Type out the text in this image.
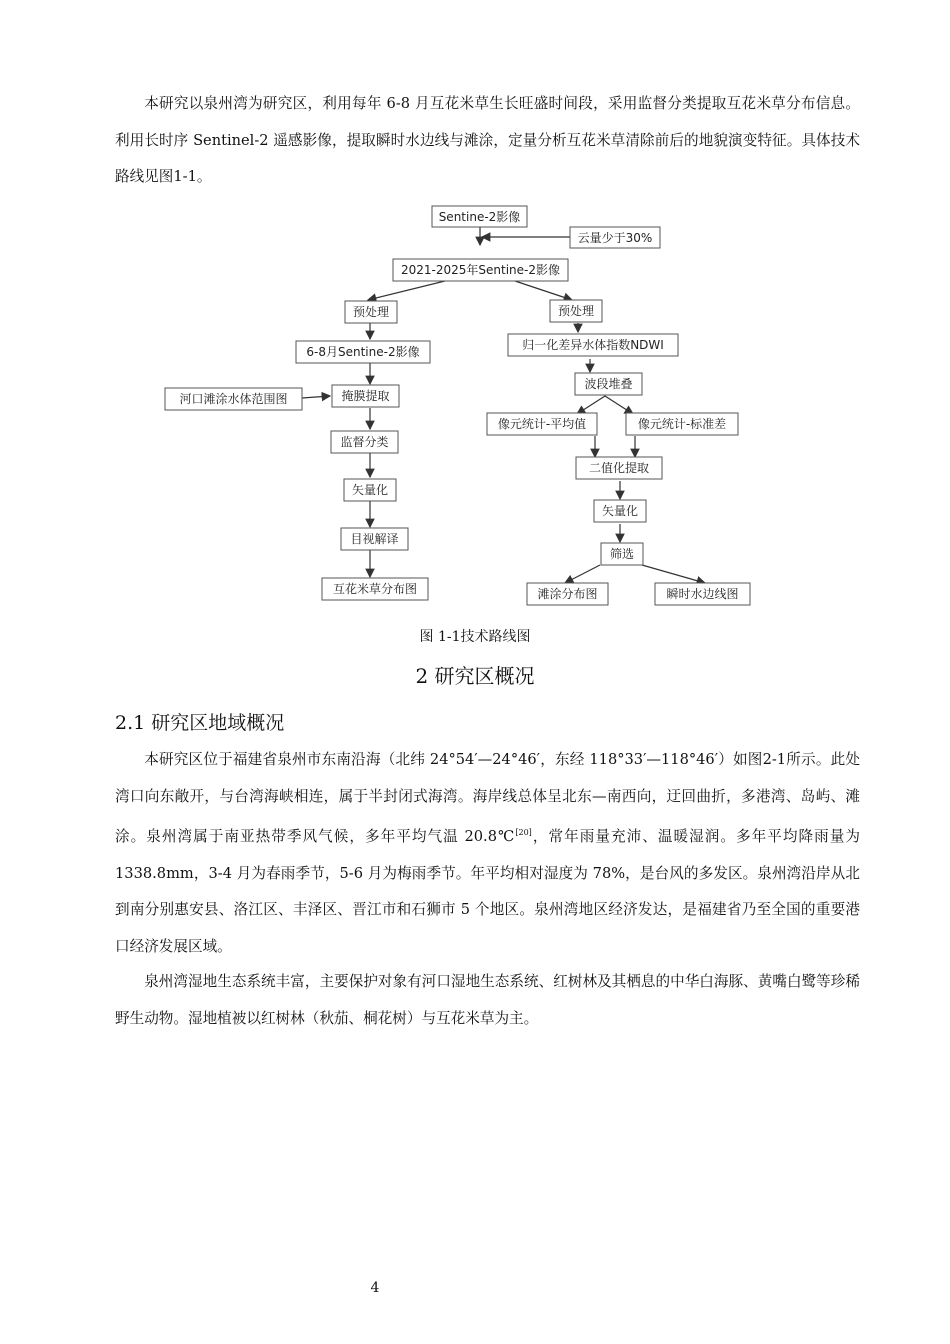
本研究以泉州湾为研究区，利用每年 6-8 月互花米草生长旺盛时间段，采用监督分类提取互花米草分布信息。利用长时序 Sentinel-2 遥感影像，提取瞬时水边线与滩涂，定量分析互花米草清除前后的地貌演变特征。具体技术路线见图1-1。

Sentine-2影像
云量少于30%
2021-2025年Sentine-2影像
预处理
6-8月Sentine-2影像
河口滩涂水体范围图	掩膜提取
监督分类
矢量化
目视解译
互花米草分布图
预处理
归一化差异水体指数NDWI
波段堆叠
像元统计-平均值	像元统计-标准差
二值化提取
矢量化
筛选
滩涂分布图	瞬时水边线图
图 1-1技术路线图
2 研究区概况
2.1 研究区地域概况

本研究区位于福建省泉州市东南沿海（北纬 24°54′—24°46′，东经 118°33′—118°46′）如图2-1所示。此处湾口向东敞开，与台湾海峡相连，属于半封闭式海湾。海岸线总体呈北东—南西向，迂回曲折，多港湾、岛屿、滩涂。泉州湾属于南亚热带季风气候，多年平均气温 20.8℃[20]，常年雨量充沛、温暖湿润。多年平均降雨量为 1338.8mm，3-4 月为春雨季节，5-6 月为梅雨季节。年平均相对湿度为 78%，是台风的多发区。泉州湾沿岸从北到南分别惠安县、洛江区、丰泽区、晋江市和石狮市 5 个地区。泉州湾地区经济发达，是福建省乃至全国的重要港口经济发展区域。

泉州湾湿地生态系统丰富，主要保护对象有河口湿地生态系统、红树林及其栖息的中华白海豚、黄嘴白鹭等珍稀野生动物。湿地植被以红树林（秋茄、桐花树）与互花米草为主。

4
